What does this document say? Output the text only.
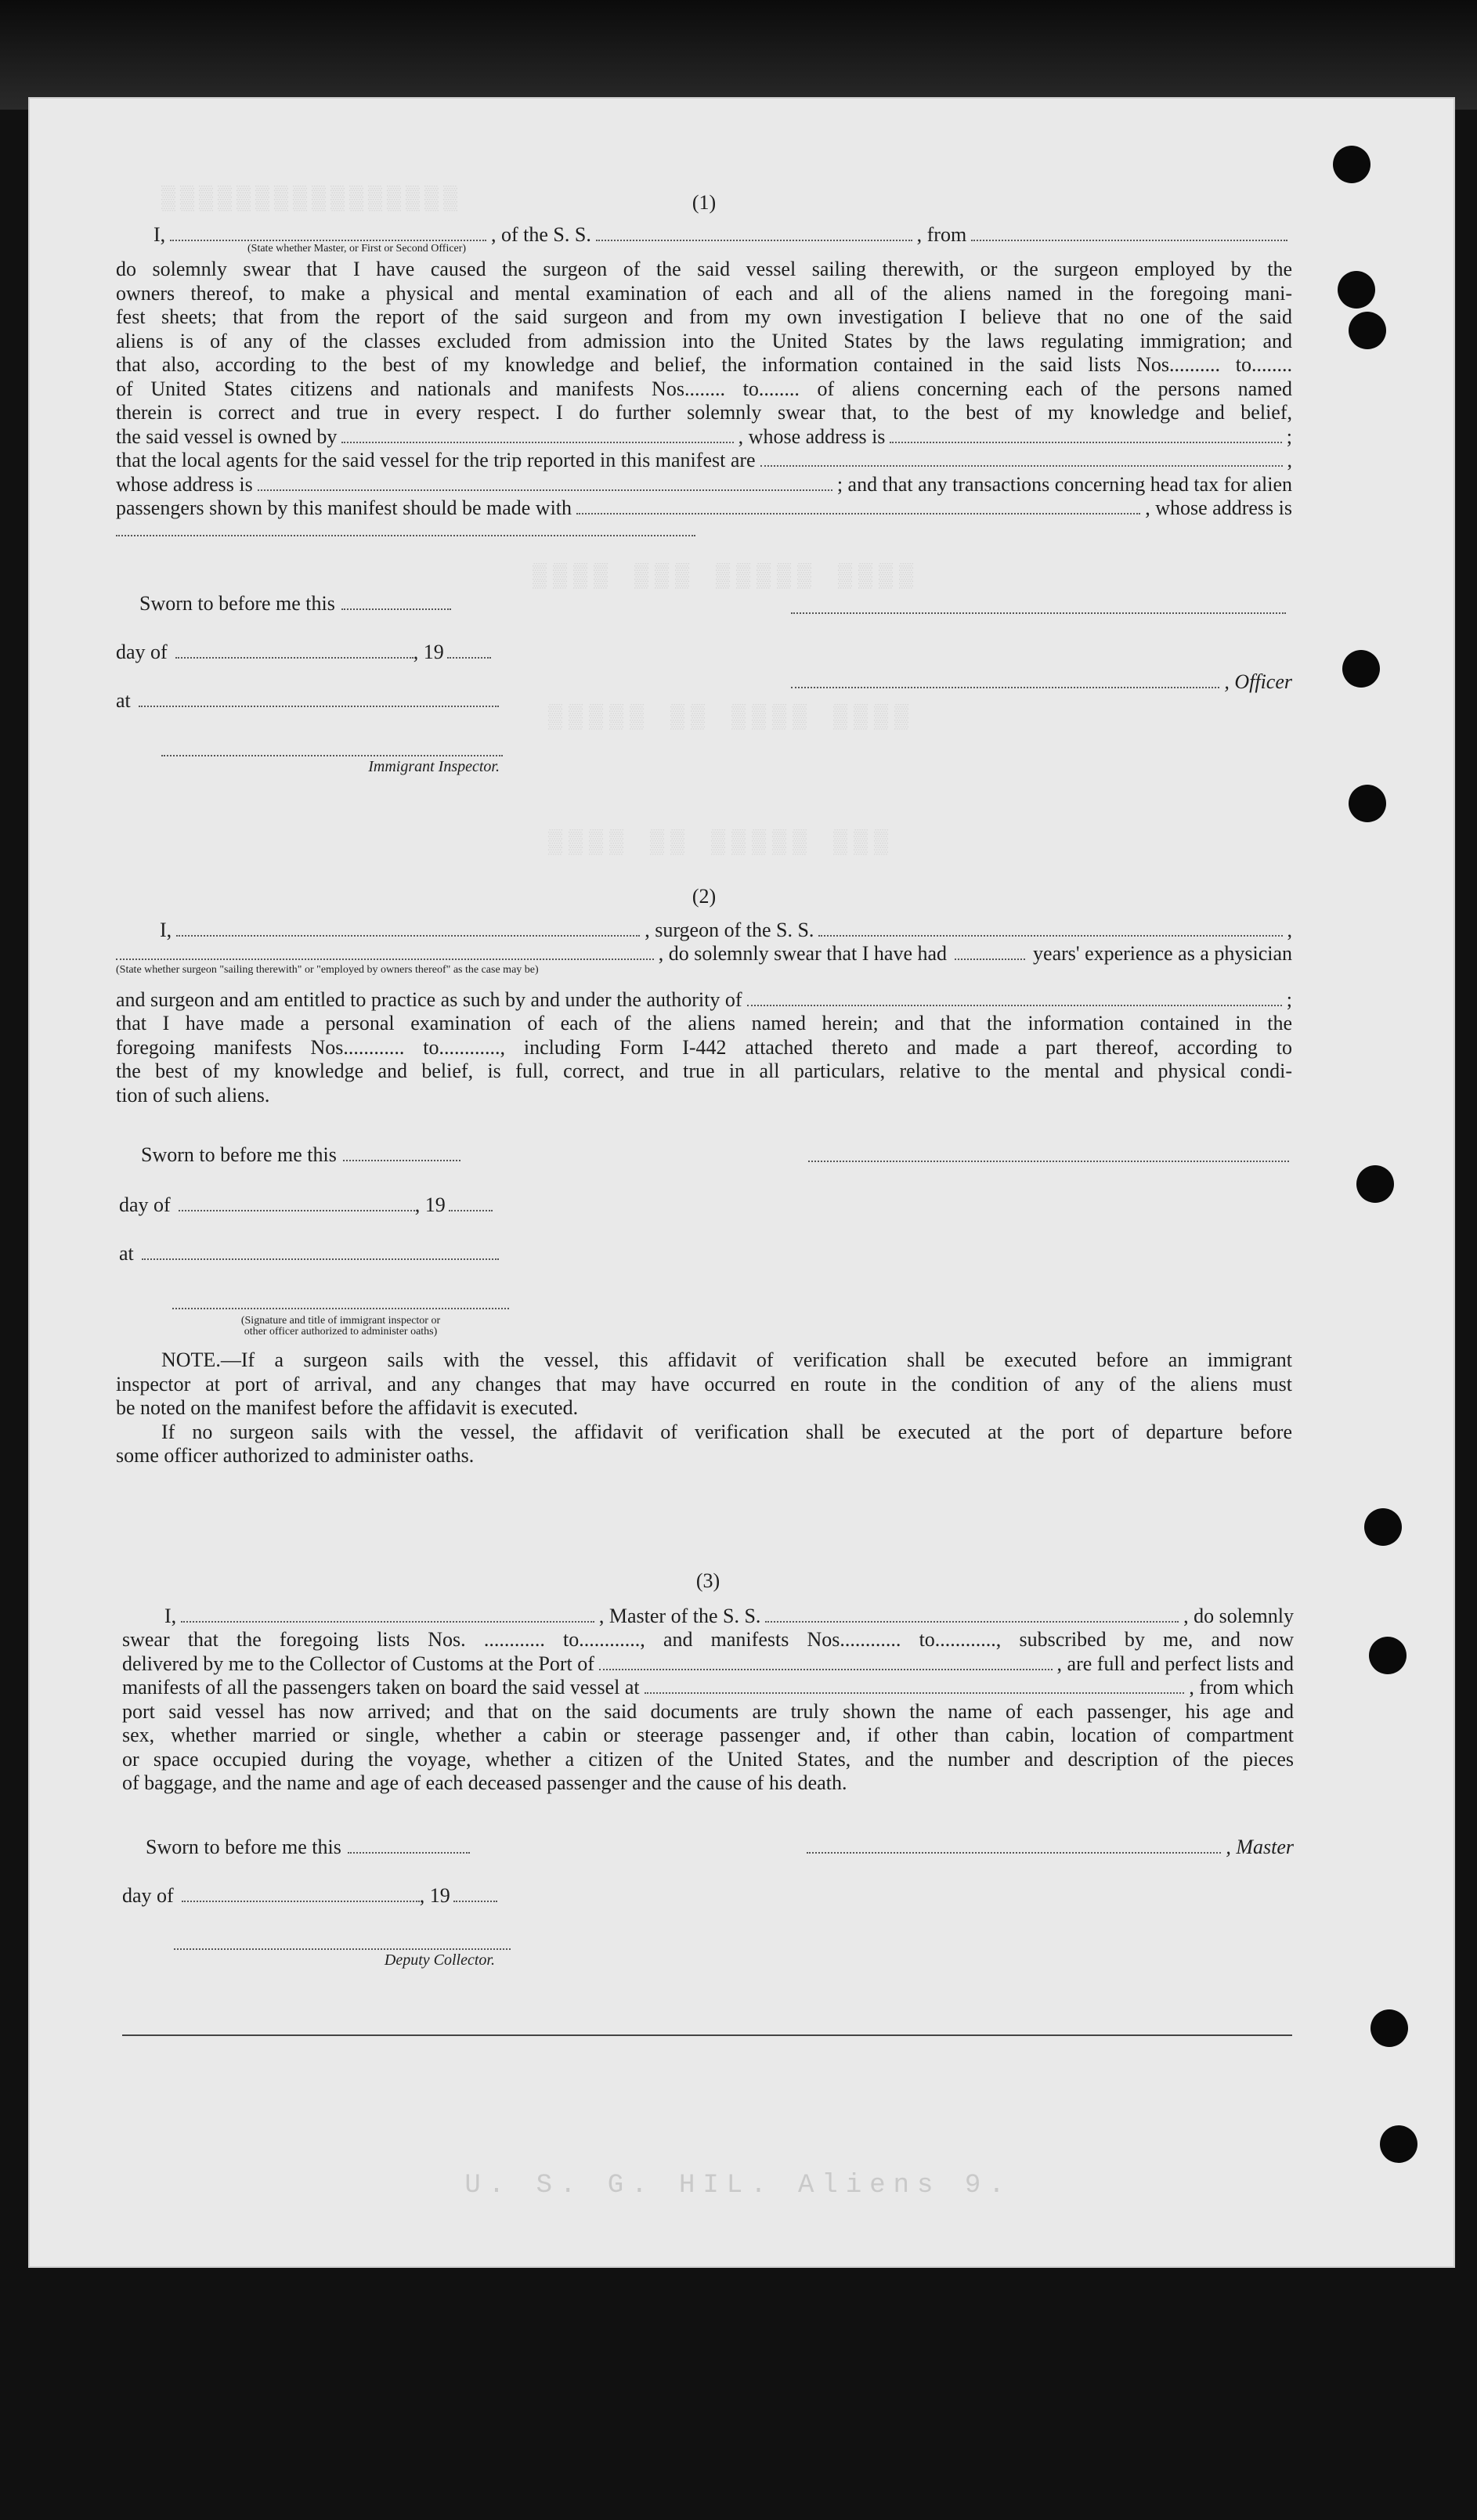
▒▒▒▒▒▒▒▒▒▒▒▒▒▒▒▒
▒▒▒▒ ▒▒▒ ▒▒▒▒▒ ▒▒▒▒
▒▒▒▒▒ ▒▒ ▒▒▒▒ ▒▒▒▒
▒▒▒▒ ▒▒ ▒▒▒▒▒ ▒▒▒
(1)
I,	, of the S. S.	, from
(State whether Master, or First or Second Officer)
do solemnly swear that I have caused the surgeon of the said vessel sailing therewith, or the surgeon employed by the
owners thereof, to make a physical and mental examination of each and all of the aliens named in the foregoing mani-
fest sheets; that from the report of the said surgeon and from my own investigation I believe that no one of the said
aliens is of any of the classes excluded from admission into the United States by the laws regulating immigration; and
that also, according to the best of my knowledge and belief, the information contained in the said lists Nos.......... to........
of United States citizens and nationals and manifests Nos........ to........ of aliens concerning each of the persons named
therein is correct and true in every respect. I do further solemnly swear that, to the best of my knowledge and belief,
the said vessel is owned by	, whose address is	;
that the local agents for the said vessel for the trip reported in this manifest are	,
whose address is	; and that any transactions concerning head tax for alien
passengers shown by this manifest should be made with	, whose address is
Sworn to before me this
day of	, 19
at
, Officer
Immigrant Inspector.
(2)
I,	, surgeon of the S. S.	,
, do solemnly swear that I have had	years' experience as a physician
(State whether surgeon "sailing therewith" or "employed by owners thereof" as the case may be)
and surgeon and am entitled to practice as such by and under the authority of	;
that I have made a personal examination of each of the aliens named herein; and that the information contained in the
foregoing manifests Nos............ to............, including Form I-442 attached thereto and made a part thereof, according to
the best of my knowledge and belief, is full, correct, and true in all particulars, relative to the mental and physical condi-
tion of such aliens.
Sworn to before me this
day of	, 19
at
(Signature and title of immigrant inspector or
other officer authorized to administer oaths)
NOTE.—If a surgeon sails with the vessel, this affidavit of verification shall be executed before an immigrant
inspector at port of arrival, and any changes that may have occurred en route in the condition of any of the aliens must
be noted on the manifest before the affidavit is executed.
If no surgeon sails with the vessel, the affidavit of verification shall be executed at the port of departure before
some officer authorized to administer oaths.
(3)
I,	, Master of the S. S.	, do solemnly
swear that the foregoing lists Nos. ............ to............, and manifests Nos............ to............, subscribed by me, and now
delivered by me to the Collector of Customs at the Port of	, are full and perfect lists and
manifests of all the passengers taken on board the said vessel at	, from which
port said vessel has now arrived; and that on the said documents are truly shown the name of each passenger, his age and
sex, whether married or single, whether a cabin or steerage passenger and, if other than cabin, location of compartment
or space occupied during the voyage, whether a citizen of the United States, and the number and description of the pieces
of baggage, and the name and age of each deceased passenger and the cause of his death.
Sworn to before me this
day of	, 19
, Master
Deputy Collector.
U. S. G. HIL. Aliens 9.
